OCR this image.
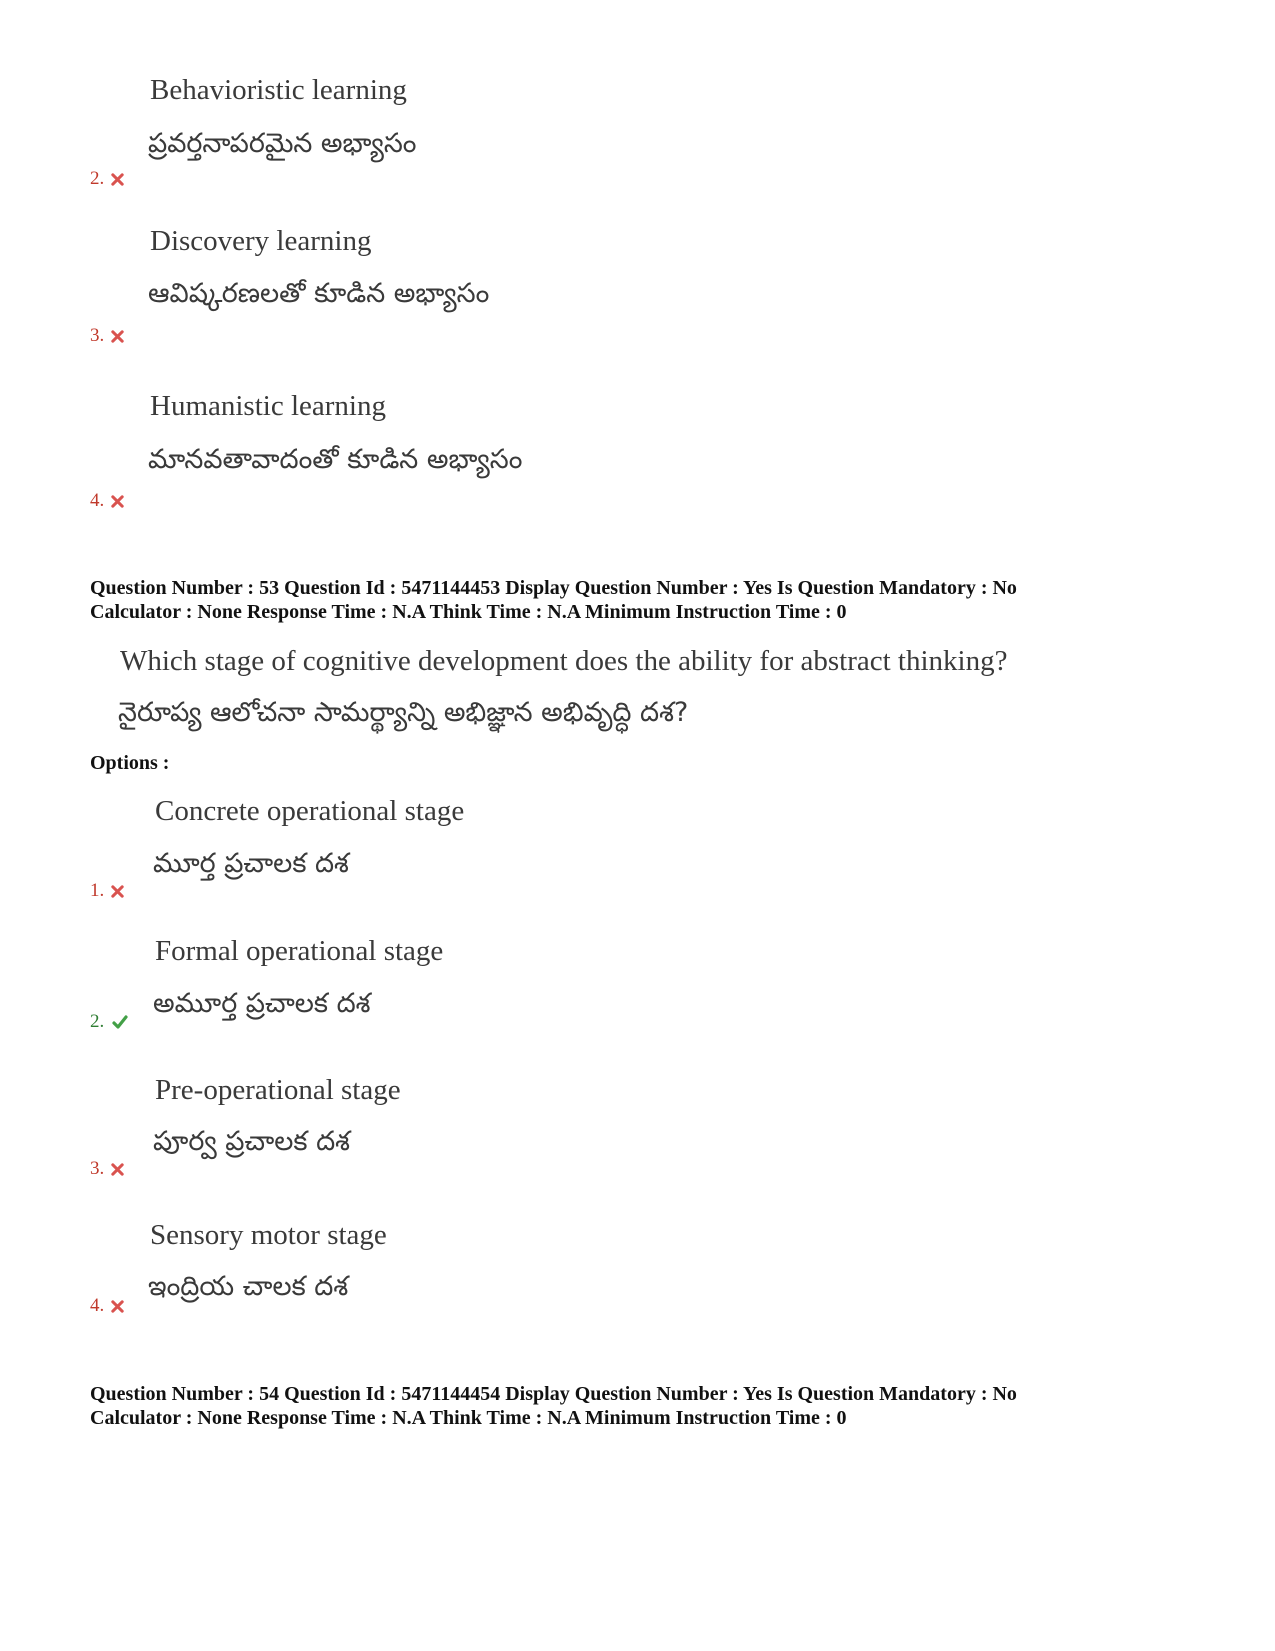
Behavioristic learning
ప్రవర్తనాపరమైన అభ్యాసం
2.
Discovery learning
ఆవిష్కరణలతో కూడిన అభ్యాసం
3.
Humanistic learning
మానవతావాదంతో కూడిన అభ్యాసం
4.
Question Number : 53 Question Id : 5471144453 Display Question Number : Yes Is Question Mandatory : No
Calculator : None Response Time : N.A Think Time : N.A Minimum Instruction Time : 0
Which stage of cognitive development does the ability for abstract thinking?
నైరూప్య ఆలోచనా సామర్థ్యాన్ని అభిజ్ఞాన అభివృద్ధి దశ?
Options :
Concrete operational stage
మూర్త ప్రచాలక దశ
1.
Formal operational stage
అమూర్త ప్రచాలక దశ
2.
Pre-operational stage
పూర్వ ప్రచాలక దశ
3.
Sensory motor stage
ఇంద్రియ చాలక దశ
4.
Question Number : 54 Question Id : 5471144454 Display Question Number : Yes Is Question Mandatory : No
Calculator : None Response Time : N.A Think Time : N.A Minimum Instruction Time : 0
